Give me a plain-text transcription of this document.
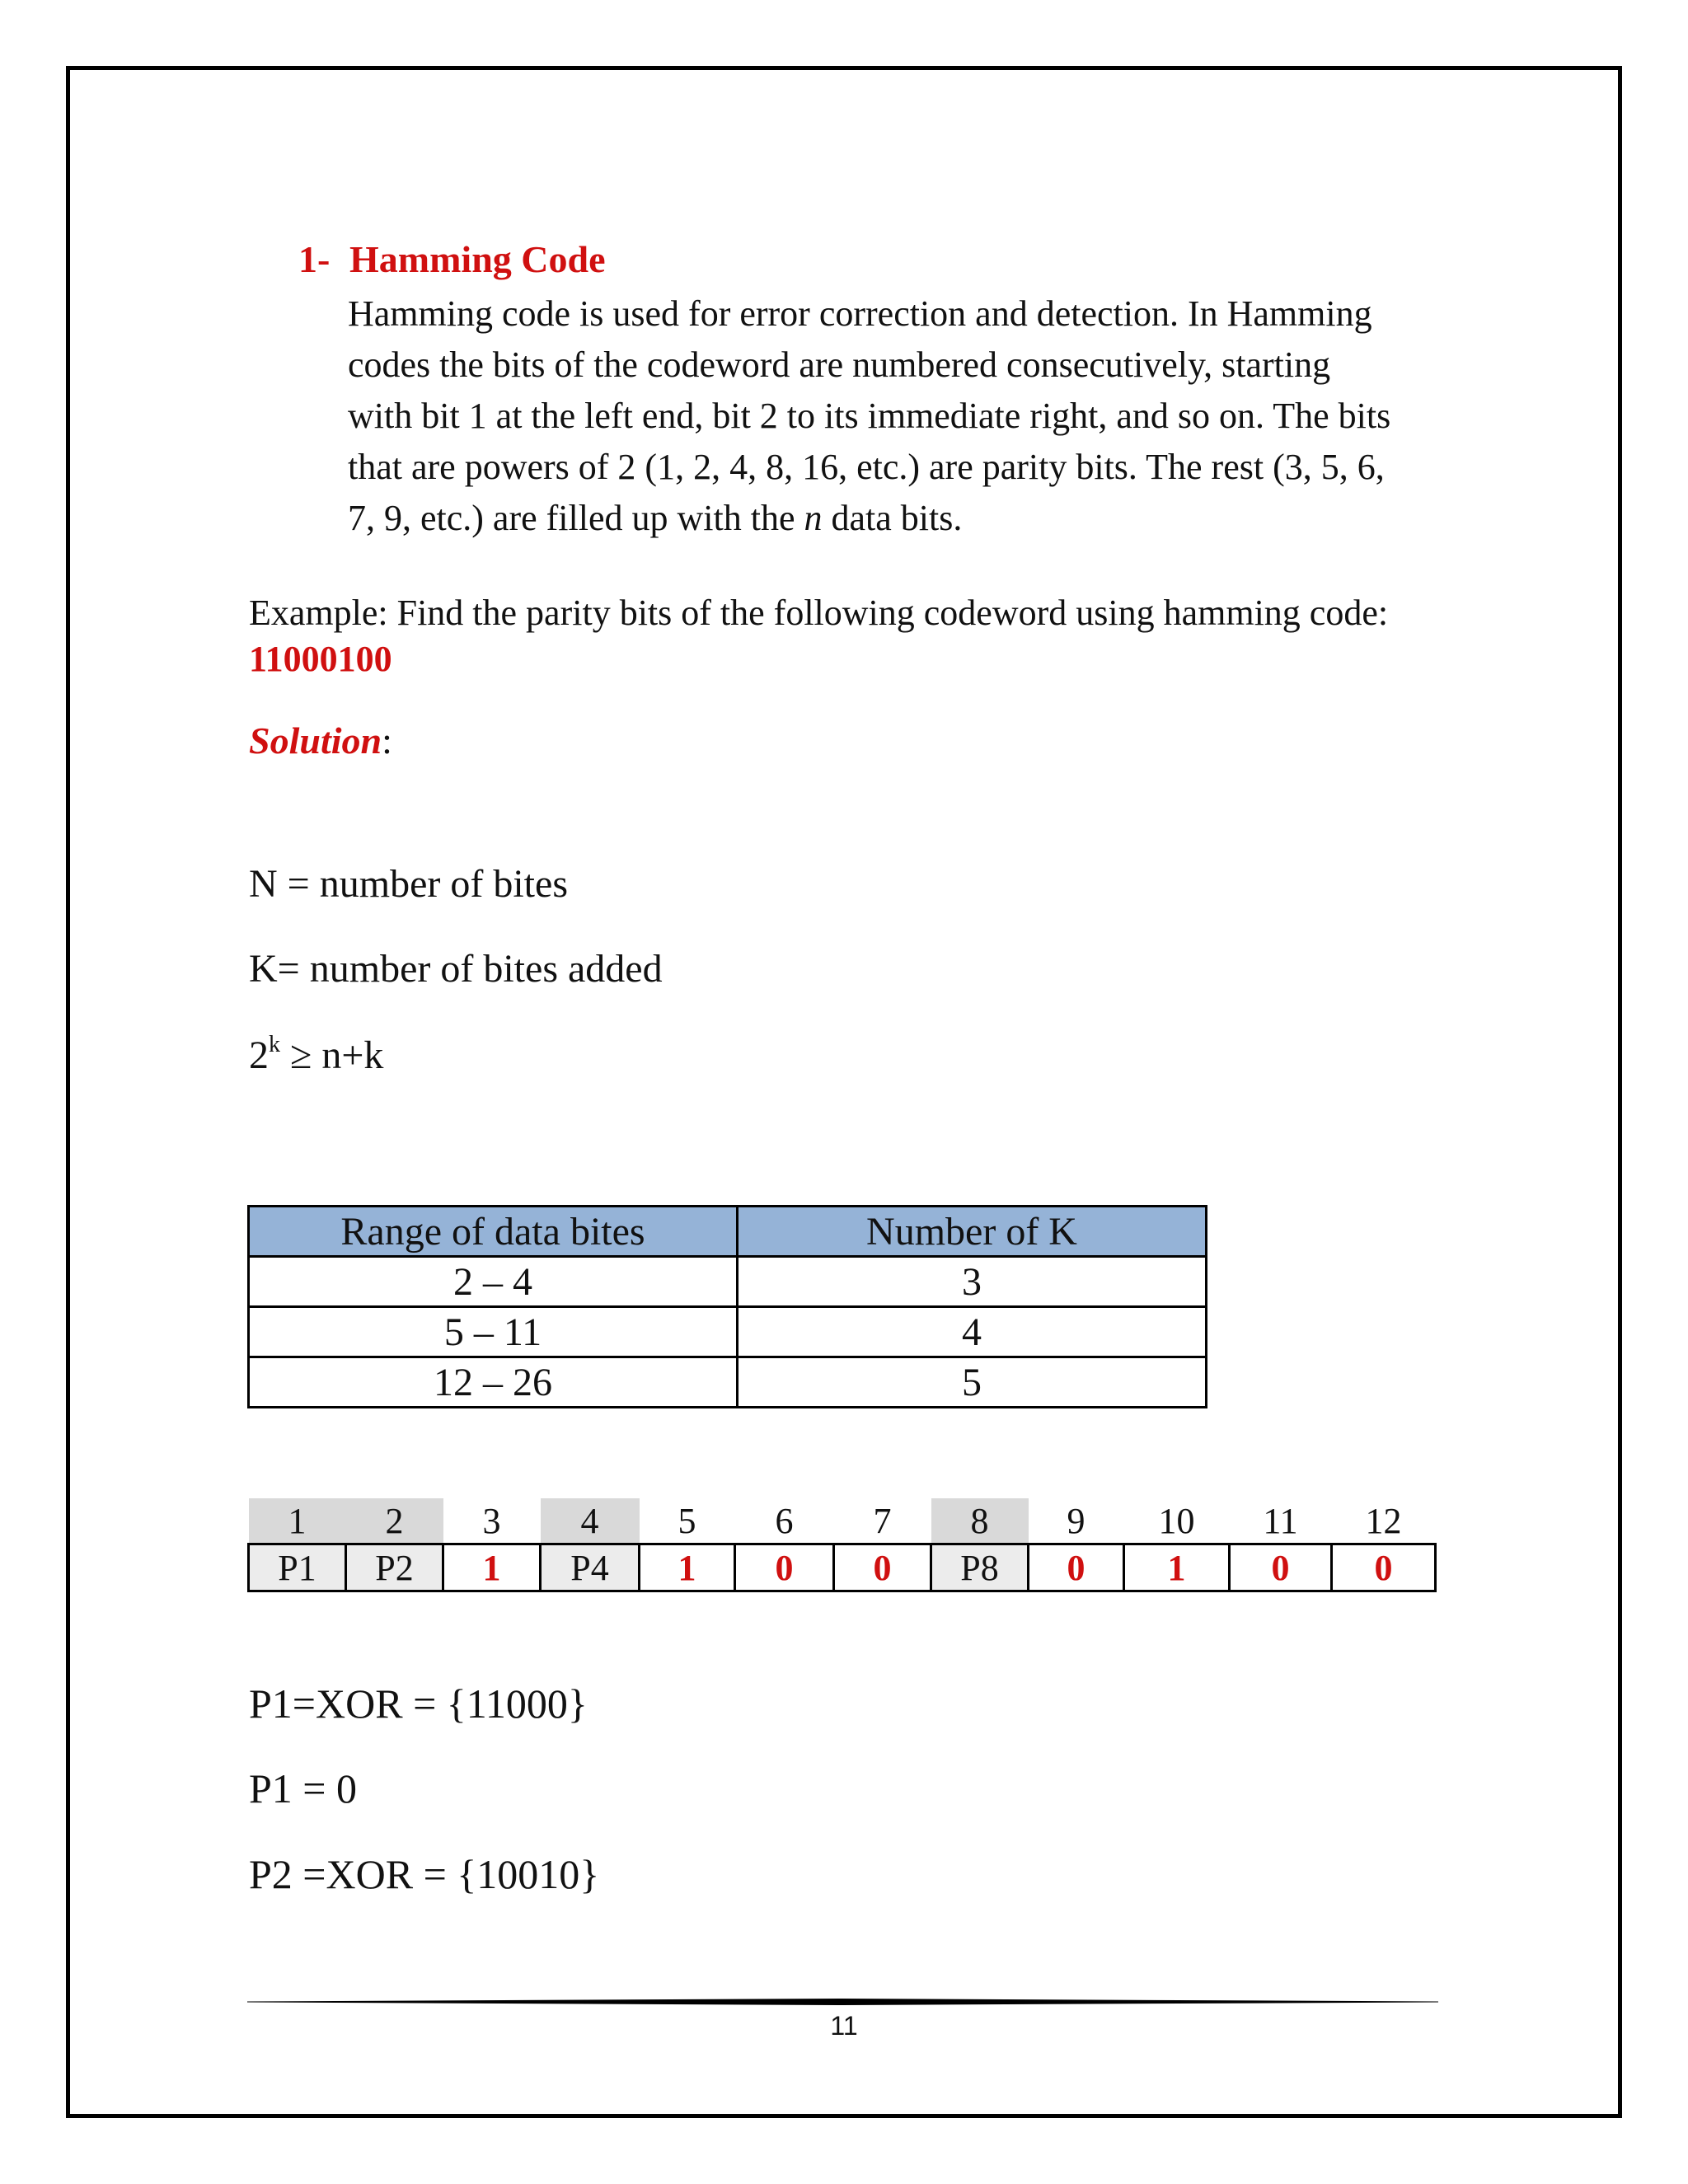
1- Hamming Code
Hamming code is used for error correction and detection. In Hamming
codes the bits of the codeword are numbered consecutively, starting
with bit 1 at the left end, bit 2 to its immediate right, and so on. The bits
that are powers of 2 (1, 2, 4, 8, 16, etc.) are parity bits. The rest (3, 5, 6,
7, 9, etc.) are filled up with the n data bits.
Example: Find the parity bits of the following codeword using hamming code:
11000100
Solution:
N = number of bites
K= number of bites added
$2^k \ge n+k$
Range of data bites	Number of K
2 – 4	3
5 – 11	4
12 – 26	5
1	2	3	4	5	6	7	8	9	10	11	12
P1	P2	1	P4	1	0	0	P8	0	1	0	0
P1=XOR = {11000}
P1 = 0
P2 =XOR = {10010}
11
